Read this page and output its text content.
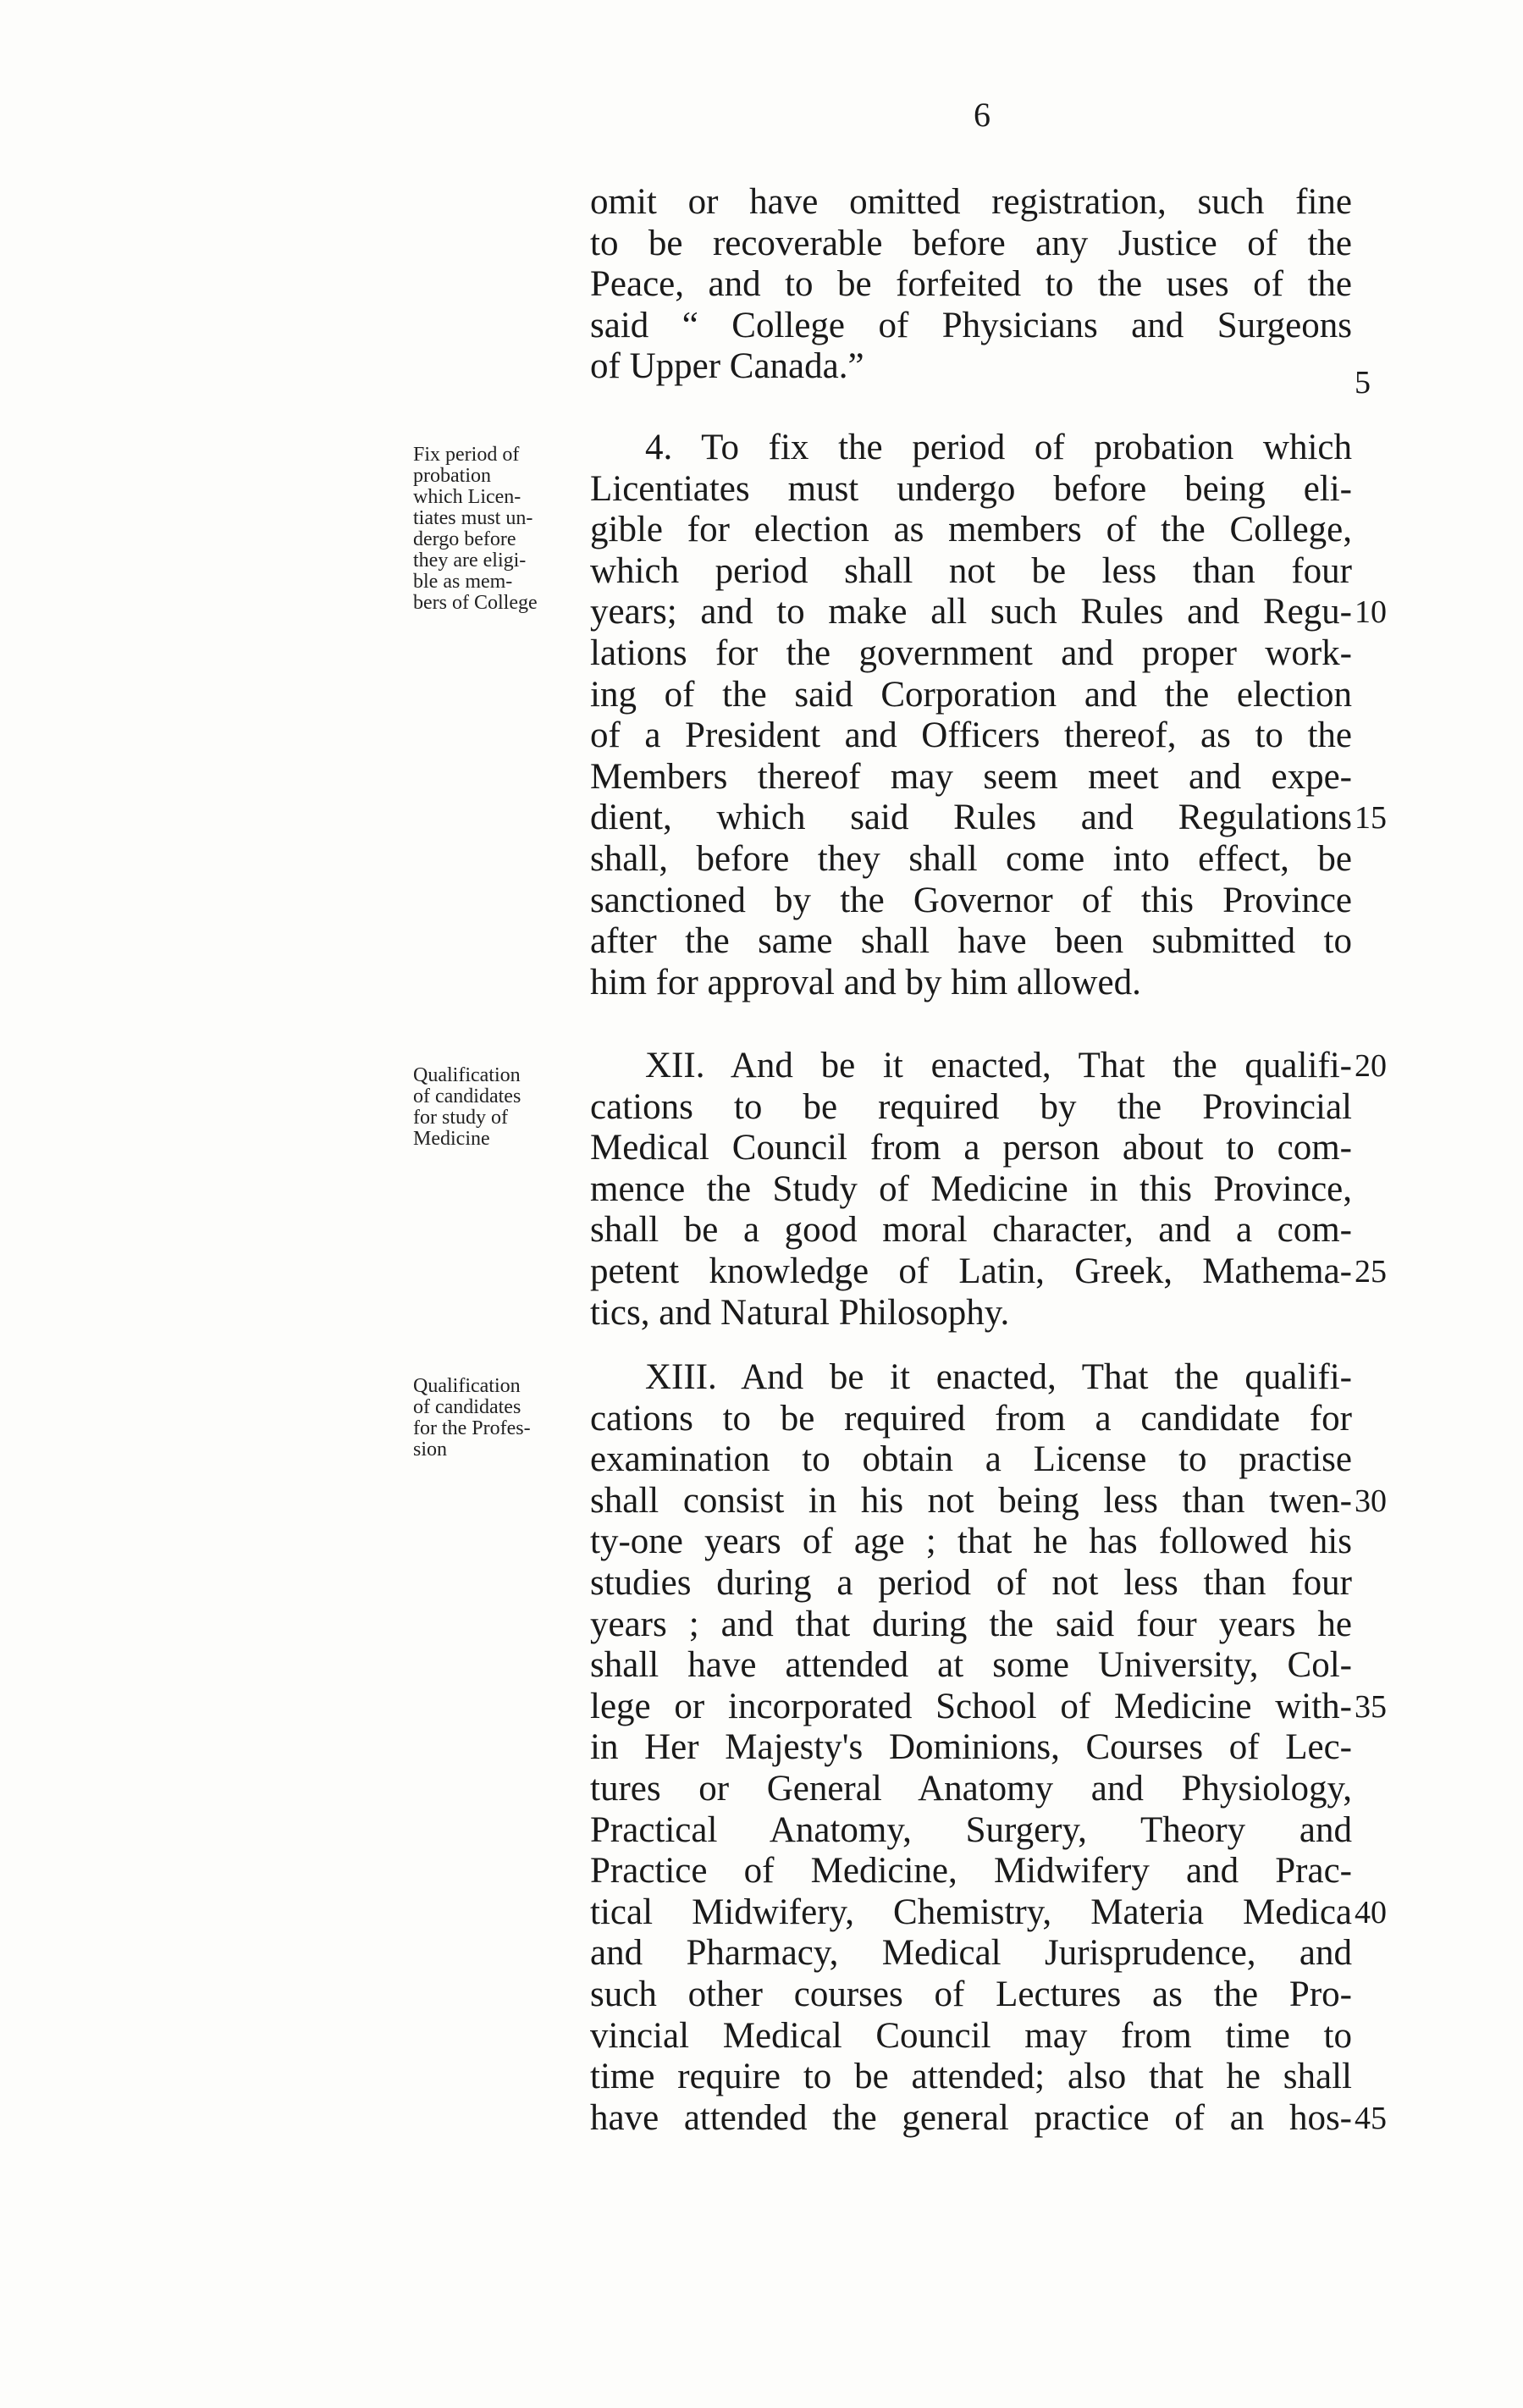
6
omit or have omitted registration, such fine
to be recoverable before any Justice of the
Peace, and to be forfeited to the uses of the
said “ College of Physicians and Surgeons
of Upper Canada.”
Fix period of
probation
which Licen-
tiates must un-
dergo before
they are eligi-
ble as mem-
bers of College
4. To fix the period of probation which
Licentiates must undergo before being eli-
gible for election as members of the College,
which period shall not be less than four
years; and to make all such Rules and Regu-
lations for the government and proper work-
ing of the said Corporation and the election
of a President and Officers thereof, as to the
Members thereof may seem meet and expe-
dient, which said Rules and Regulations
shall, before they shall come into effect, be
sanctioned by the Governor of this Province
after the same shall have been submitted to
him for approval and by him allowed.
Qualification
of candidates
for study of
Medicine
XII. And be it enacted, That the qualifi-
cations to be required by the Provincial
Medical Council from a person about to com-
mence the Study of Medicine in this Province,
shall be a good moral character, and a com-
petent knowledge of Latin, Greek, Mathema-
tics, and Natural Philosophy.
Qualification
of candidates
for the Profes-
sion
XIII. And be it enacted, That the qualifi-
cations to be required from a candidate for
examination to obtain a License to practise
shall consist in his not being less than twen-
ty-one years of age ; that he has followed his
studies during a period of not less than four
years ; and that during the said four years he
shall have attended at some University, Col-
lege or incorporated School of Medicine with-
in Her Majesty's Dominions, Courses of Lec-
tures or General Anatomy and Physiology,
Practical Anatomy, Surgery, Theory and
Practice of Medicine, Midwifery and Prac-
tical Midwifery, Chemistry, Materia Medica
and Pharmacy, Medical Jurisprudence, and
such other courses of Lectures as the Pro-
vincial Medical Council may from time to
time require to be attended; also that he shall
have attended the general practice of an hos-
5
10
15
20
25
30
35
40
45
